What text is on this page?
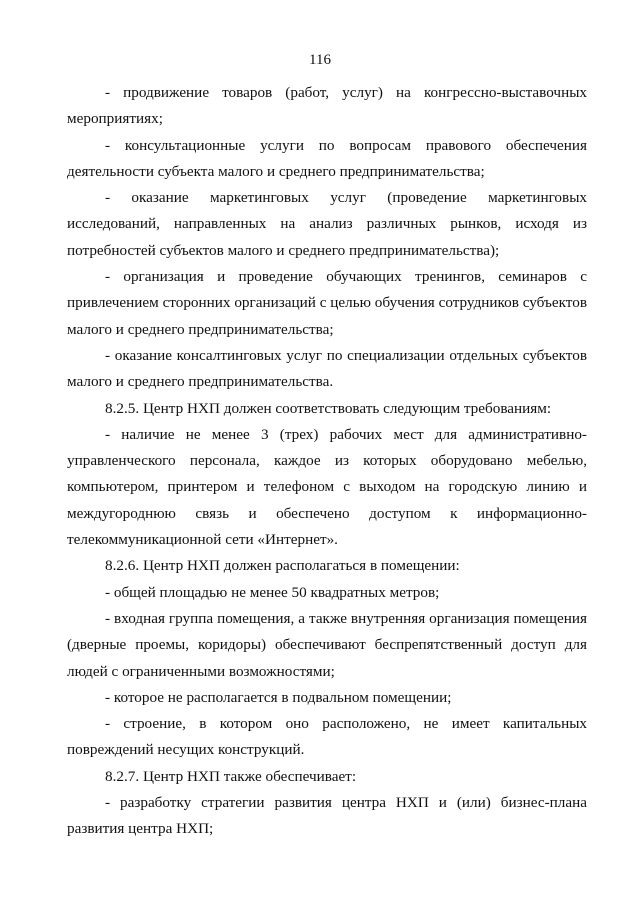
116

- продвижение товаров (работ, услуг) на конгрессно-выставочных мероприятиях;

- консультационные услуги по вопросам правового обеспечения деятельности субъекта малого и среднего предпринимательства;

- оказание маркетинговых услуг (проведение маркетинговых исследований, направленных на анализ различных рынков, исходя из потребностей субъектов малого и среднего предпринимательства);

- организация и проведение обучающих тренингов, семинаров с привлечением сторонних организаций с целью обучения сотрудников субъектов малого и среднего предпринимательства;

- оказание консалтинговых услуг по специализации отдельных субъектов малого и среднего предпринимательства.

8.2.5. Центр НХП должен соответствовать следующим требованиям:

- наличие не менее 3 (трех) рабочих мест для административно-управленческого персонала, каждое из которых оборудовано мебелью, компьютером, принтером и телефоном с выходом на городскую линию и междугороднюю связь и обеспечено доступом к информационно-телекоммуникационной сети «Интернет».

8.2.6. Центр НХП должен располагаться в помещении:

- общей площадью не менее 50 квадратных метров;

- входная группа помещения, а также внутренняя организация помещения (дверные проемы, коридоры) обеспечивают беспрепятственный доступ для людей с ограниченными возможностями;

- которое не располагается в подвальном помещении;

- строение, в котором оно расположено, не имеет капитальных повреждений несущих конструкций.

8.2.7. Центр НХП также обеспечивает:

- разработку стратегии развития центра НХП и (или) бизнес-плана развития центра НХП;
